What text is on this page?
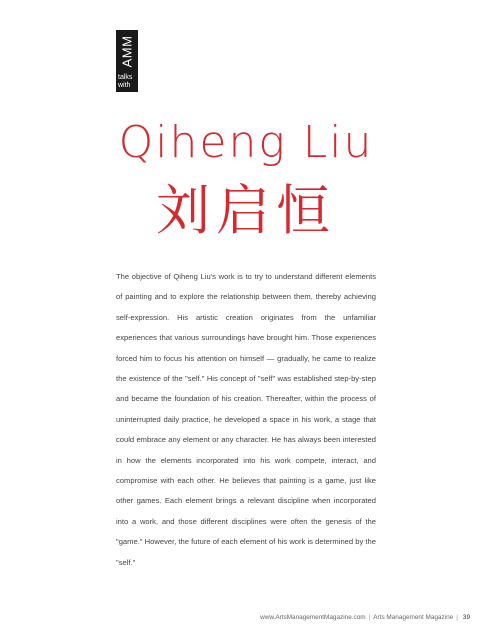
AMM
talks
with
Qiheng Liu
刘启恒

The objective of Qiheng Liu's work is to try to understand different elements of painting and to explore the relationship between them, thereby achieving self-expression. His artistic creation originates from the unfamiliar experiences that various surroundings have brought him. Those experiences forced him to focus his attention on himself — gradually, he came to realize the existence of the "self." His concept of "self" was established step-by-step and became the foundation of his creation. Thereafter, within the process of uninterrupted daily practice, he developed a space in his work, a stage that could embrace any element or any character. He has always been interested in how the elements incorporated into his work compete, interact, and compromise with each other. He believes that painting is a game, just like other games. Each element brings a relevant discipline when incorporated into a work, and those different disciplines were often the genesis of the "game." However, the future of each element of his work is determined by the "self."

www.ArtsManagementMagazine.com | Arts Management Magazine | 39
